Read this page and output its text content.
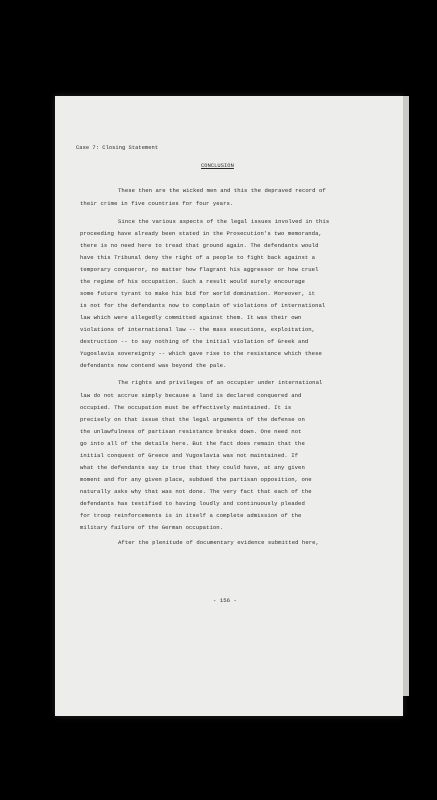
Case 7: Closing Statement
CONCLUSION
These then are the wicked men and this the depraved record of
their crime in five countries for four years.
Since the various aspects of the legal issues involved in this
proceeding have already been stated in the Prosecution's two memoranda,
there is no need here to tread that ground again. The defendants would
have this Tribunal deny the right of a people to fight back against a
temporary conqueror, no matter how flagrant his aggressor or how cruel
the regime of his occupation. Such a result would surely encourage
some future tyrant to make his bid for world domination. Moreover, it
is not for the defendants now to complain of violations of international
law which were allegedly committed against them. It was their own
violations of international law -- the mass executions, exploitation,
destruction -- to say nothing of the initial violation of Greek and
Yugoslavia sovereignty -- which gave rise to the resistance which these
defendants now contend was beyond the pale.
The rights and privileges of an occupier under international
law do not accrue simply because a land is declared conquered and
occupied. The occupation must be effectively maintained. It is
precisely on that issue that the legal arguments of the defense on
the unlawfulness of partisan resistance breaks down. One need not
go into all of the details here. But the fact does remain that the
initial conquest of Greece and Yugoslavia was not maintained. If
what the defendants say is true that they could have, at any given
moment and for any given place, subdued the partisan opposition, one
naturally asks why that was not done. The very fact that each of the
defendants has testified to having loudly and continuously pleaded
for troop reinforcements is in itself a complete admission of the
military failure of the German occupation.
After the plenitude of documentary evidence submitted here,
- 156 -
